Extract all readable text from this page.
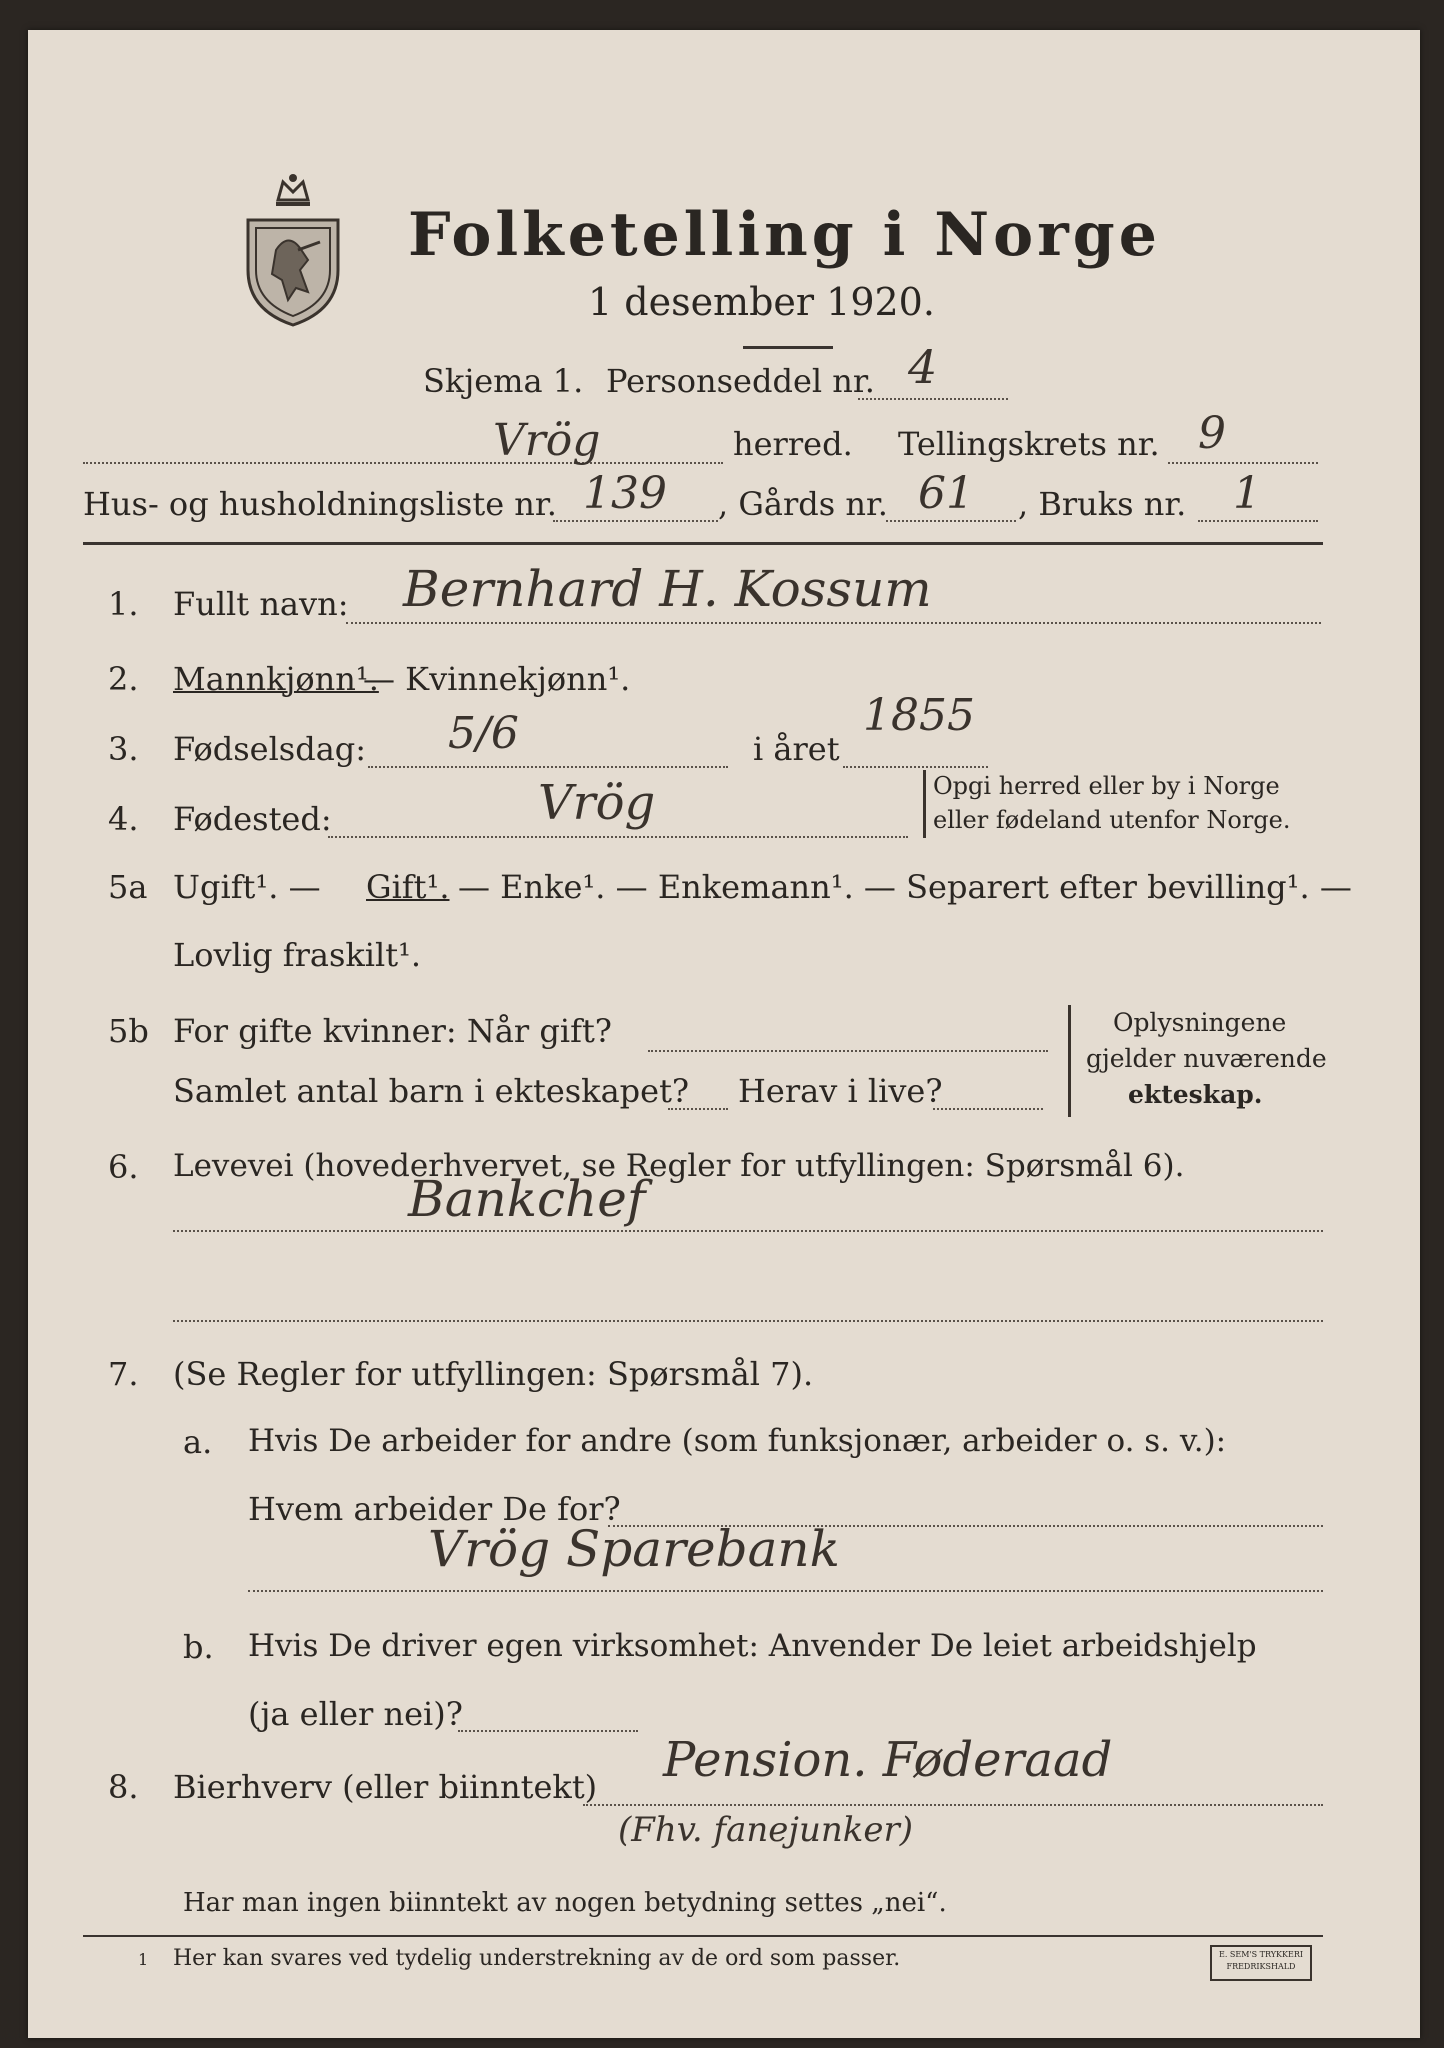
Folketelling i Norge
1 desember 1920.
Skjema 1. Personseddel nr. 4
Vrög	herred. Tellingskrets nr. 9
Hus- og husholdningsliste nr. 139 , Gårds nr. 61 , Bruks nr. 1
1. Fullt navn: Bernhard H. Kossum
2. Mannkjønn¹.
— Kvinnekjønn¹.
3. Fødselsdag: 5/6	i året
1855
4. Fødested:	Vrög	Opgi herred eller by i Norge
eller fødeland utenfor Norge.
5a Ugift¹. — Gift¹. — Enke¹. — Enkemann¹. — Separert efter bevilling¹. —
Lovlig fraskilt¹.
5b For gifte kvinner: Når gift?
Samlet antal barn i ekteskapet? Herav i live?
Oplysningene
gjelder nuværende
ekteskap.
6. Levevei (hovederhvervet, se Regler for utfyllingen: Spørsmål 6).
Bankchef
7. (Se Regler for utfyllingen: Spørsmål 7).
a. Hvis De arbeider for andre (som funksjonær, arbeider o. s. v.):
Hvem arbeider De for?
Vrög Sparebank
b. Hvis De driver egen virksomhet: Anvender De leiet arbeidshjelp
(ja eller nei)?
8. Bierhverv (eller biinntekt) Pension. Føderaad
(Fhv. fanejunker)
Har man ingen biinntekt av nogen betydning settes „nei“.
1 Her kan svares ved tydelig understrekning av de ord som passer.	E. SEM'S TRYKKERI
FREDRIKSHALD
